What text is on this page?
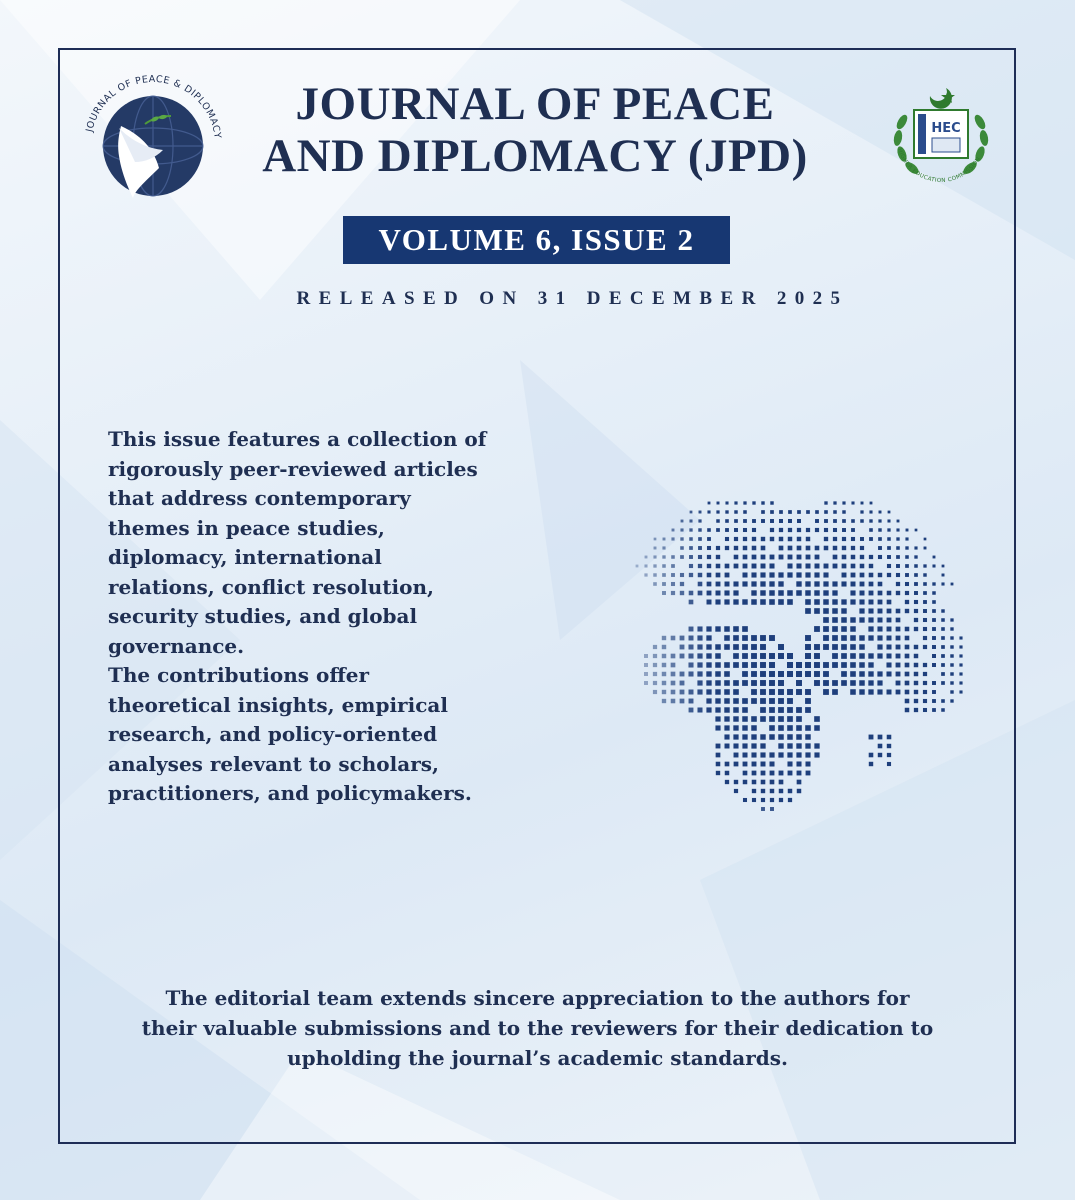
JOURNAL OF PEACE & DIPLOMACY
JOURNAL OF PEACE
AND DIPLOMACY (JPD)
HEC
HIGHER EDUCATION COMMISSION
VOLUME 6, ISSUE 2
RELEASED ON 31 DECEMBER 2025
This issue features a collection of
rigorously peer-reviewed articles
that address contemporary
themes in peace studies,
diplomacy, international
relations, conflict resolution,
security studies, and global
governance.
The contributions offer
theoretical insights, empirical
research, and policy-oriented
analyses relevant to scholars,
practitioners, and policymakers.
The editorial team extends sincere appreciation to the authors for
their valuable submissions and to the reviewers for their dedication to
upholding the journal’s academic standards.
